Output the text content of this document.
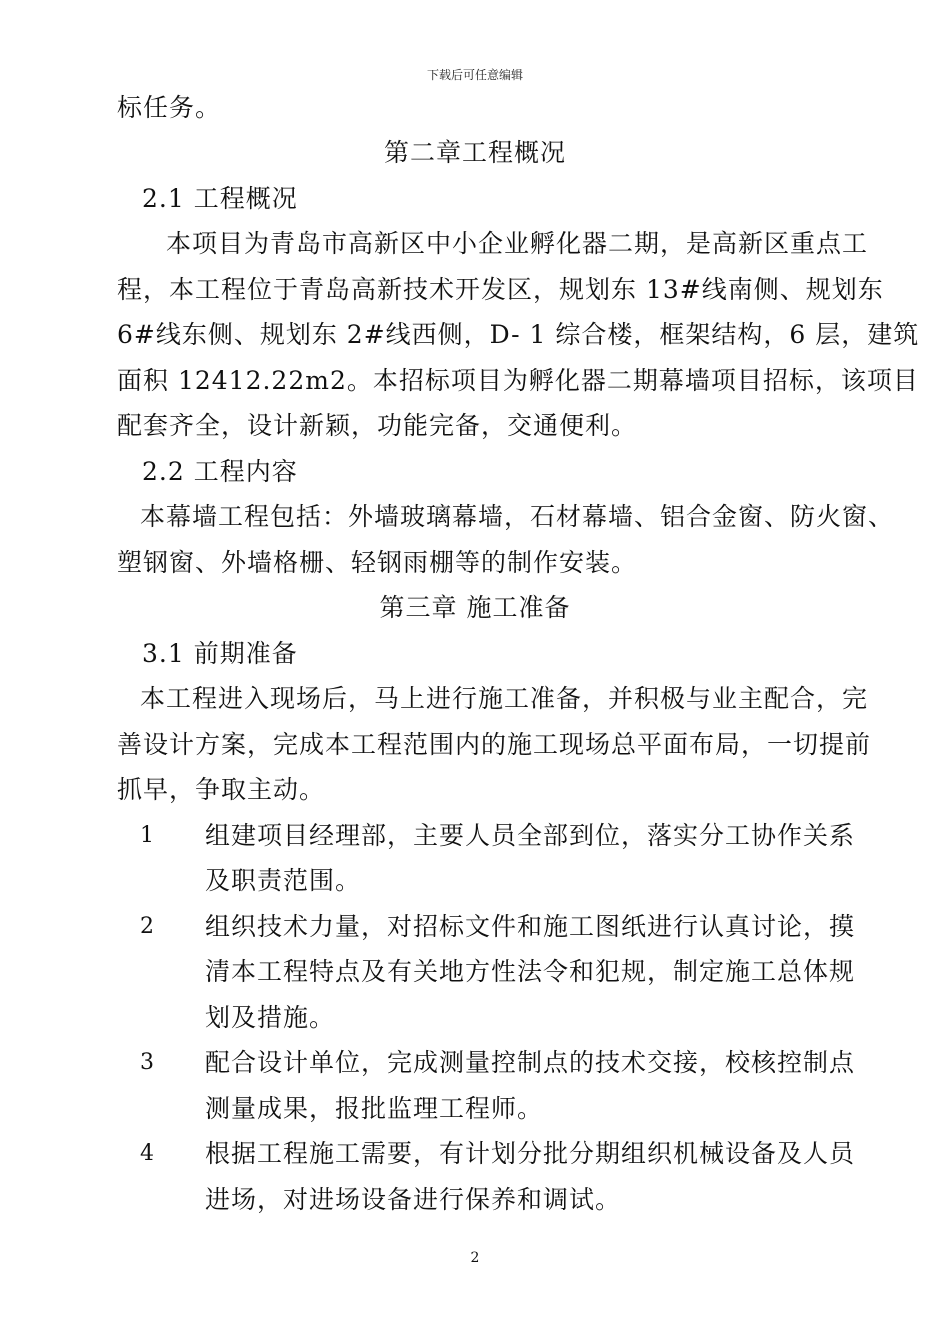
下载后可任意编辑
标任务。
第二章工程概况
2.1 工程概况
本项目为青岛市高新区中小企业孵化器二期，是高新区重点工
程，本工程位于青岛高新技术开发区，规划东 13#线南侧、规划东
6#线东侧、规划东 2#线西侧，D- 1 综合楼，框架结构，6 层，建筑
面积 12412.22m2。本招标项目为孵化器二期幕墙项目招标，该项目
配套齐全，设计新颖，功能完备，交通便利。
2.2 工程内容
本幕墙工程包括：外墙玻璃幕墙，石材幕墙、铝合金窗、防火窗、
塑钢窗、外墙格栅、轻钢雨棚等的制作安装。
第三章 施工准备
3.1 前期准备
本工程进入现场后，马上进行施工准备，并积极与业主配合，完
善设计方案，完成本工程范围内的施工现场总平面布局，一切提前
抓早，争取主动。
1 组建项目经理部，主要人员全部到位，落实分工协作关系
及职责范围。
2 组织技术力量，对招标文件和施工图纸进行认真讨论，摸
清本工程特点及有关地方性法令和犯规，制定施工总体规
划及措施。
3 配合设计单位，完成测量控制点的技术交接，校核控制点
测量成果，报批监理工程师。
4 根据工程施工需要，有计划分批分期组织机械设备及人员
进场，对进场设备进行保养和调试。
2
